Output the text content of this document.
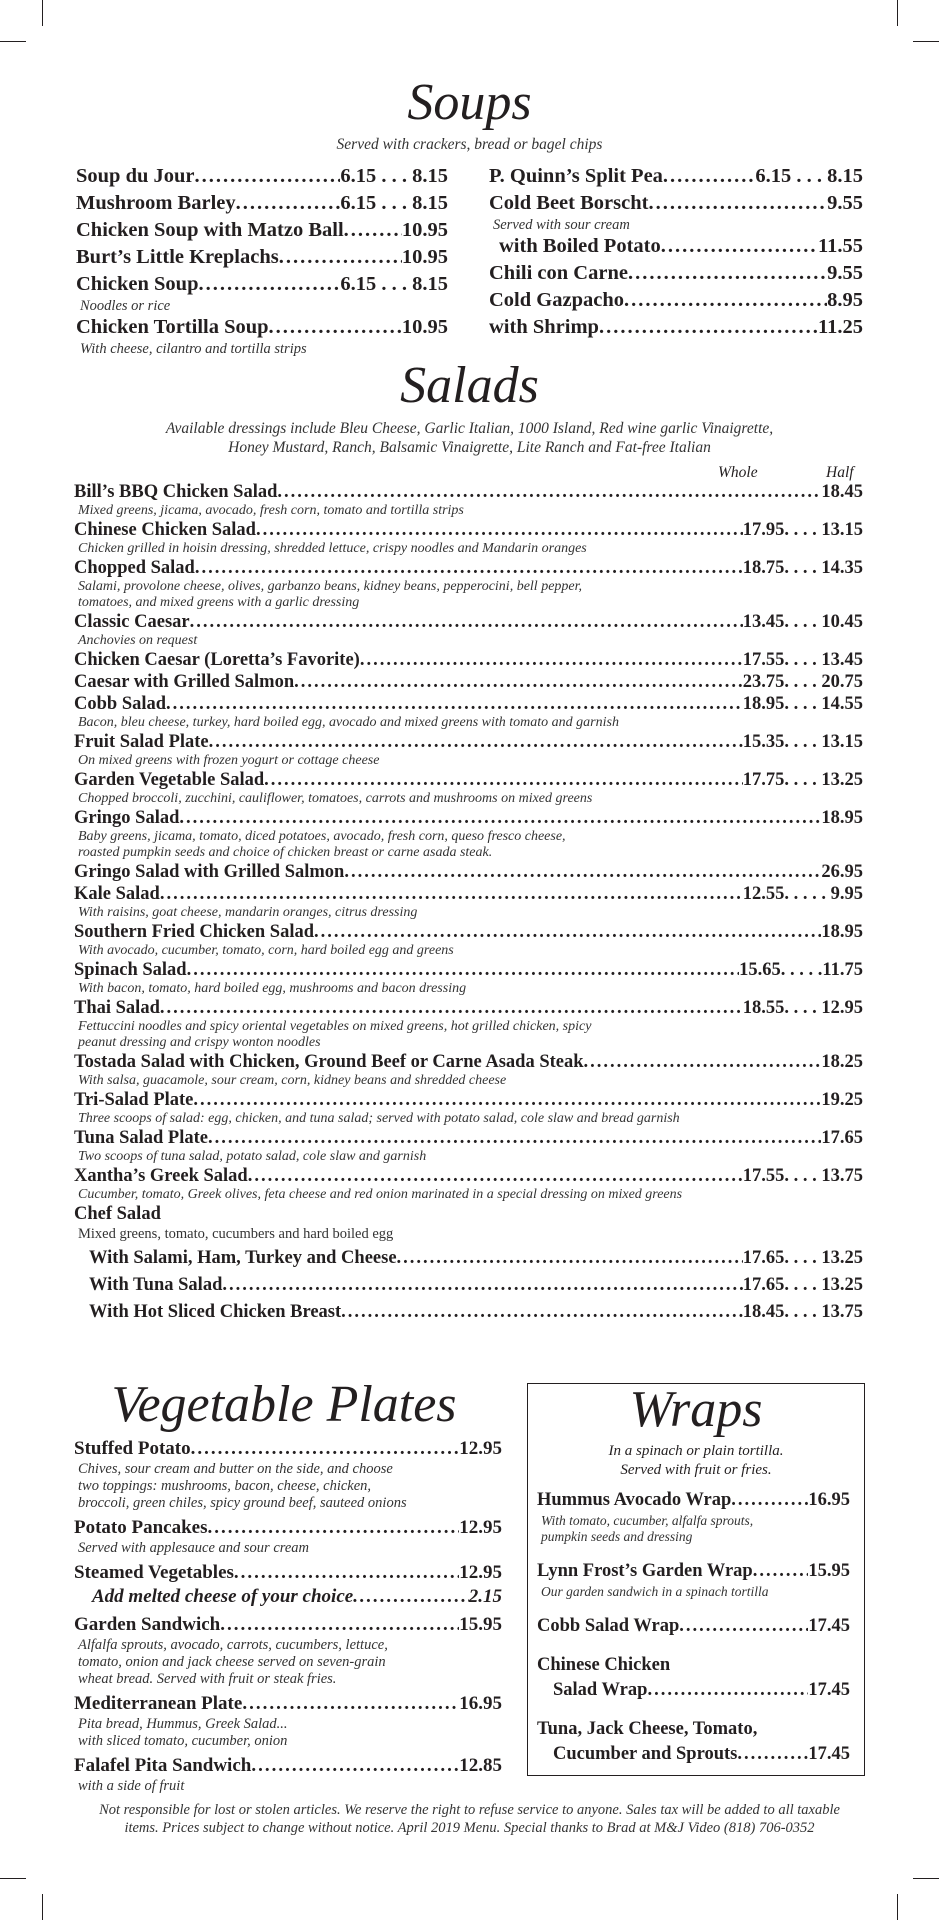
Soups
Served with crackers, bread or bagel chips
Soup du Jour .....	6.15 . . . 8.15
Mushroom Barley .....	6.15 . . . 8.15
Chicken Soup with Matzo Ball .....	10.95
Burt’s Little Kreplachs .....	10.95
Chicken Soup .....	6.15 . . . 8.15
Noodles or rice
Chicken Tortilla Soup .....	10.95
With cheese, cilantro and tortilla strips
P. Quinn’s Split Pea .....	6.15 . . . 8.15
Cold Beet Borscht .....	9.55
Served with sour cream
with Boiled Potato .....	11.55
Chili con Carne .....	9.55
Cold Gazpacho .....	8.95
with Shrimp .....	11.25
Salads
Available dressings include Bleu Cheese, Garlic Italian, 1000 Island, Red wine garlic Vinaigrette,
Honey Mustard, Ranch, Balsamic Vinaigrette, Lite Ranch and Fat-free Italian
Whole	Half
Bill’s BBQ Chicken Salad .....	18.45
Mixed greens, jicama, avocado, fresh corn, tomato and tortilla strips
Chinese Chicken Salad .....	17.95 . . . . 13.15
Chicken grilled in hoisin dressing, shredded lettuce, crispy noodles and Mandarin oranges
Chopped Salad .....	18.75 . . . . 14.35
Salami, provolone cheese, olives, garbanzo beans, kidney beans, pepperocini, bell pepper,
tomatoes, and mixed greens with a garlic dressing
Classic Caesar .....	13.45 . . . . 10.45
Anchovies on request
Chicken Caesar (Loretta’s Favorite) .....	17.55 . . . . 13.45
Caesar with Grilled Salmon .....	23.75 . . . . 20.75
Cobb Salad .....	18.95 . . . . 14.55
Bacon, bleu cheese, turkey, hard boiled egg, avocado and mixed greens with tomato and garnish
Fruit Salad Plate .....	15.35 . . . . 13.15
On mixed greens with frozen yogurt or cottage cheese
Garden Vegetable Salad .....	17.75 . . . . 13.25
Chopped broccoli, zucchini, cauliflower, tomatoes, carrots and mushrooms on mixed greens
Gringo Salad .....	18.95
Baby greens, jicama, tomato, diced potatoes, avocado, fresh corn, queso fresco cheese,
roasted pumpkin seeds and choice of chicken breast or carne asada steak.
Gringo Salad with Grilled Salmon .....	26.95
Kale Salad .....	12.55 . . . . . 9.95
With raisins, goat cheese, mandarin oranges, citrus dressing
Southern Fried Chicken Salad .....	18.95
With avocado, cucumber, tomato, corn, hard boiled egg and greens
Spinach Salad .....	15.65 . . . . .11.75
With bacon, tomato, hard boiled egg, mushrooms and bacon dressing
Thai Salad .....	18.55 . . . . 12.95
Fettuccini noodles and spicy oriental vegetables on mixed greens, hot grilled chicken, spicy
peanut dressing and crispy wonton noodles
Tostada Salad with Chicken, Ground Beef or Carne Asada Steak .....	18.25
With salsa, guacamole, sour cream, corn, kidney beans and shredded cheese
Tri-Salad Plate .....	19.25
Three scoops of salad: egg, chicken, and tuna salad; served with potato salad, cole slaw and bread garnish
Tuna Salad Plate .....	17.65
Two scoops of tuna salad, potato salad, cole slaw and garnish
Xantha’s Greek Salad .....	17.55 . . . . 13.75
Cucumber, tomato, Greek olives, feta cheese and red onion marinated in a special dressing on mixed greens
Chef Salad
Mixed greens, tomato, cucumbers and hard boiled egg
With Salami, Ham, Turkey and Cheese .....	17.65 . . . . 13.25
With Tuna Salad .....	17.65 . . . . 13.25
With Hot Sliced Chicken Breast .....	18.45 . . . . 13.75
Vegetable Plates
Stuffed Potato .....	12.95
Chives, sour cream and butter on the side, and choose
two toppings: mushrooms, bacon, cheese, chicken,
broccoli, green chiles, spicy ground beef, sauteed onions
Potato Pancakes .....	12.95
Served with applesauce and sour cream
Steamed Vegetables .....	12.95
Add melted cheese of your choice .....	2.15
Garden Sandwich .....	15.95
Alfalfa sprouts, avocado, carrots, cucumbers, lettuce,
tomato, onion and jack cheese served on seven-grain
wheat bread. Served with fruit or steak fries.
Mediterranean Plate .....	16.95
Pita bread, Hummus, Greek Salad...
with sliced tomato, cucumber, onion
Falafel Pita Sandwich .....	12.85
with a side of fruit
Wraps
In a spinach or plain tortilla.
Served with fruit or fries.
Hummus Avocado Wrap .....	16.95
With tomato, cucumber, alfalfa sprouts,
pumpkin seeds and dressing
Lynn Frost’s Garden Wrap .....	15.95
Our garden sandwich in a spinach tortilla
Cobb Salad Wrap .....	17.45
Chinese Chicken
Salad Wrap .....	17.45
Tuna, Jack Cheese, Tomato,
Cucumber and Sprouts .....	17.45
Not responsible for lost or stolen articles. We reserve the right to refuse service to anyone. Sales tax will be added to all taxable
items. Prices subject to change without notice. April 2019 Menu. Special thanks to Brad at M&J Video (818) 706-0352
